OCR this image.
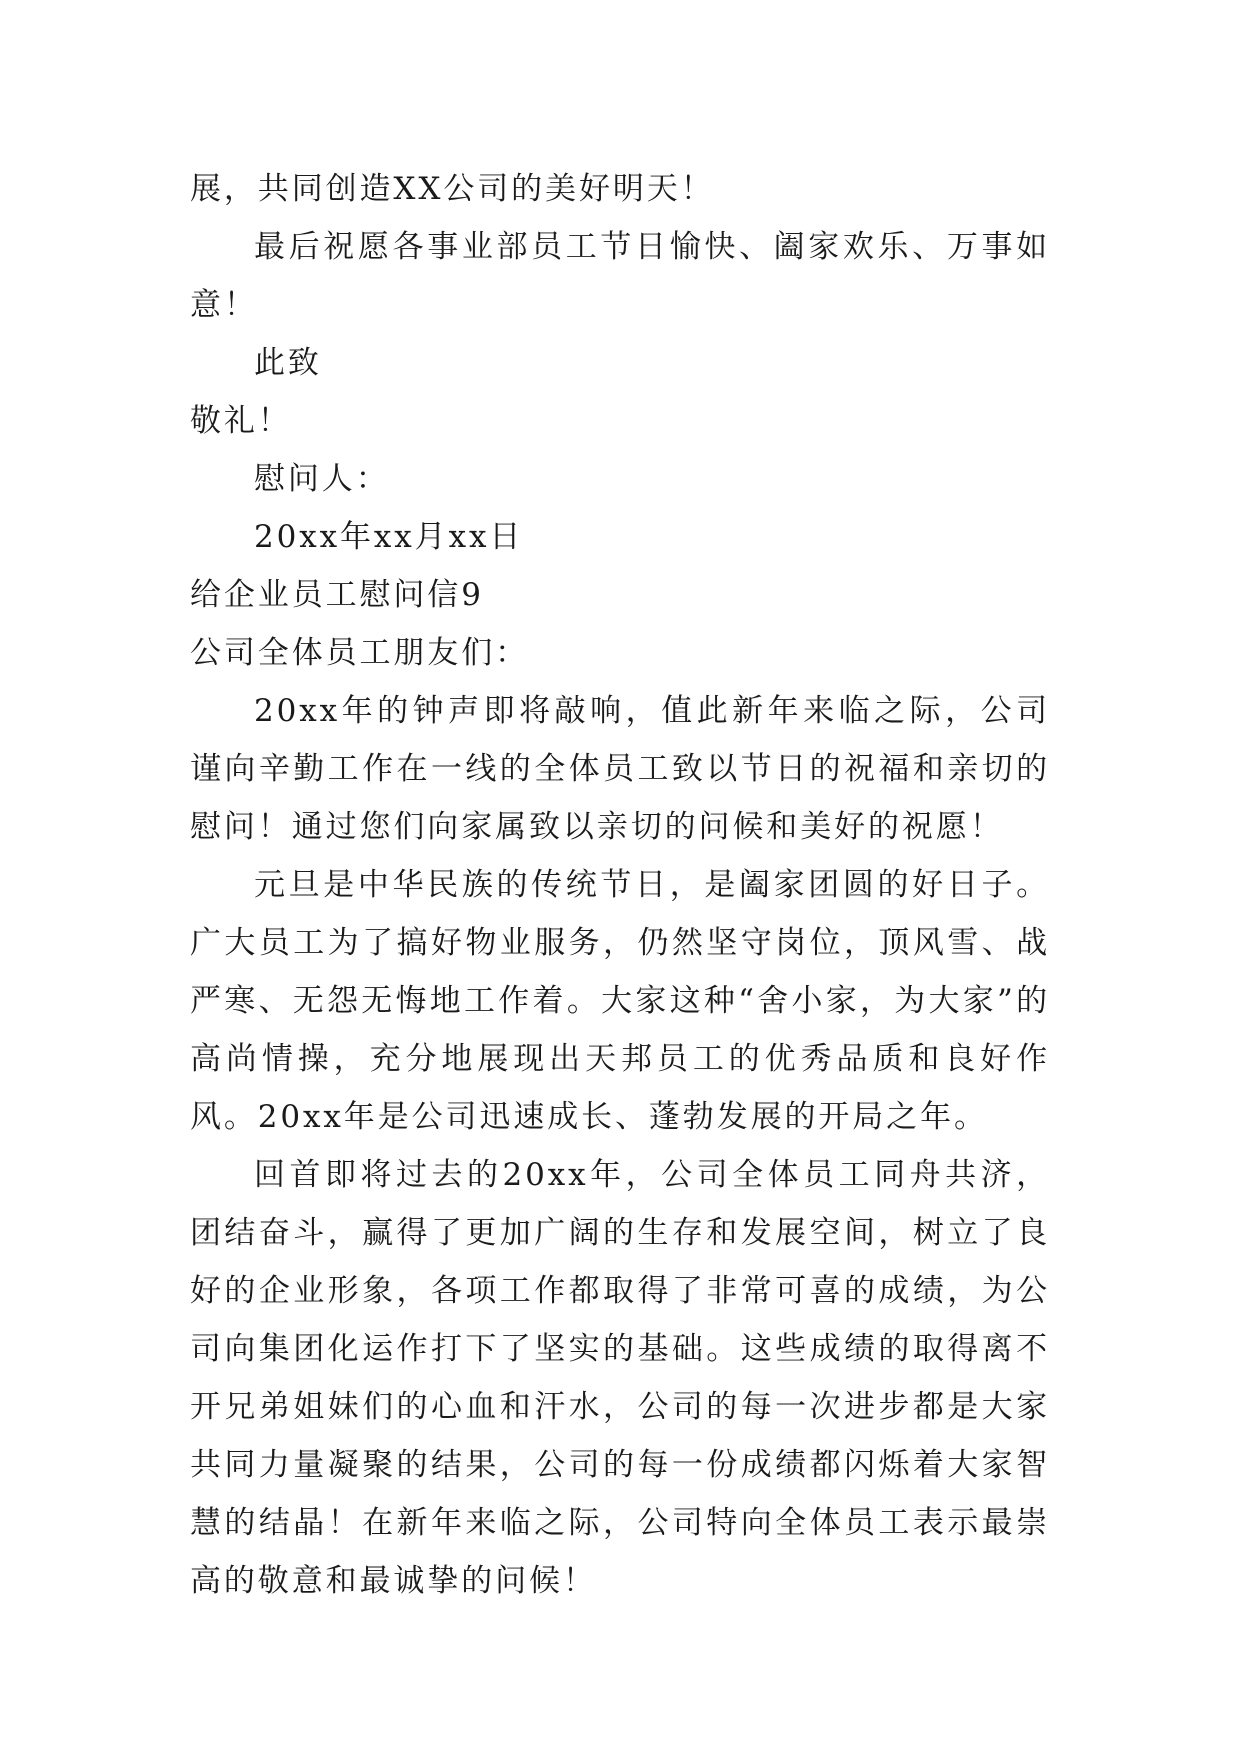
展，共同创造XX公司的美好明天！

最后祝愿各事业部员工节日愉快、阖家欢乐、万事如意！

此致

敬礼！

慰问人：

20xx年xx月xx日

给企业员工慰问信9

公司全体员工朋友们：

20xx年的钟声即将敲响，值此新年来临之际，公司谨向辛勤工作在一线的全体员工致以节日的祝福和亲切的慰问！通过您们向家属致以亲切的问候和美好的祝愿！

元旦是中华民族的传统节日，是阖家团圆的好日子。广大员工为了搞好物业服务，仍然坚守岗位，顶风雪、战严寒、无怨无悔地工作着。大家这种“舍小家，为大家”的高尚情操，充分地展现出天邦员工的优秀品质和良好作风。20xx年是公司迅速成长、蓬勃发展的开局之年。

回首即将过去的20xx年，公司全体员工同舟共济，团结奋斗，赢得了更加广阔的生存和发展空间，树立了良好的企业形象，各项工作都取得了非常可喜的成绩，为公司向集团化运作打下了坚实的基础。这些成绩的取得离不开兄弟姐妹们的心血和汗水，公司的每一次进步都是大家共同力量凝聚的结果，公司的每一份成绩都闪烁着大家智慧的结晶！在新年来临之际，公司特向全体员工表示最崇高的敬意和最诚挚的问候！
